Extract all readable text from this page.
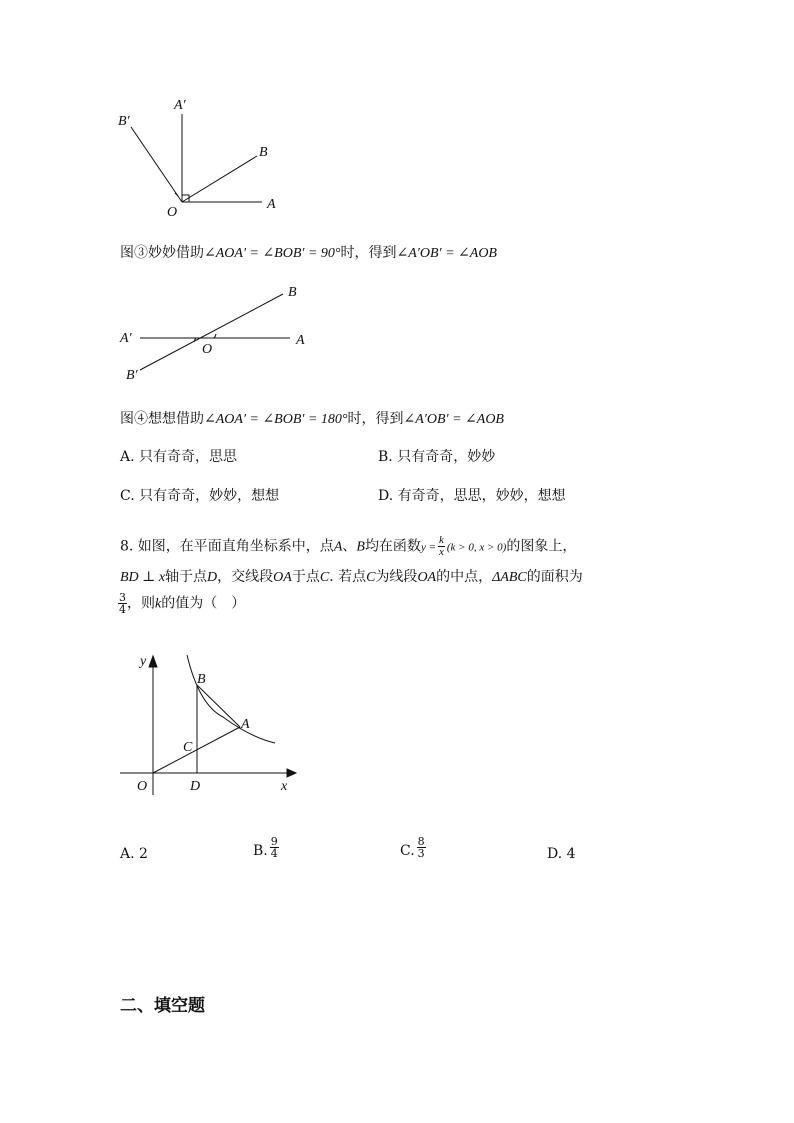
A′
B′
B
O
A
图③妙妙借助∠AOA′ = ∠BOB′ = 90°时，得到∠A′OB′ = ∠AOB
B
A′
O
A
B′
图④想想借助∠AOA′ = ∠BOB′ = 180°时，得到∠A′OB′ = ∠AOB
A. 只有奇奇，思思	B. 只有奇奇，妙妙
C. 只有奇奇，妙妙，想想	D. 有奇奇，思思，妙妙，想想
8. 如图，在平面直角坐标系中，点A、B均在函数$y = \frac{k}{x} (k > 0$, x > 0)的图象上，
BD ⊥ x轴于点D，交线段OA于点C. 若点C为线段OA的中点，ΔABC的面积为
$\frac{3}{4}$ ，则k的值为（　）
y
B
A
C
O	D	x
A. 2	B. $\frac{9}{4}$	C. $\frac{8}{3}$	D. 4
二、填空题
